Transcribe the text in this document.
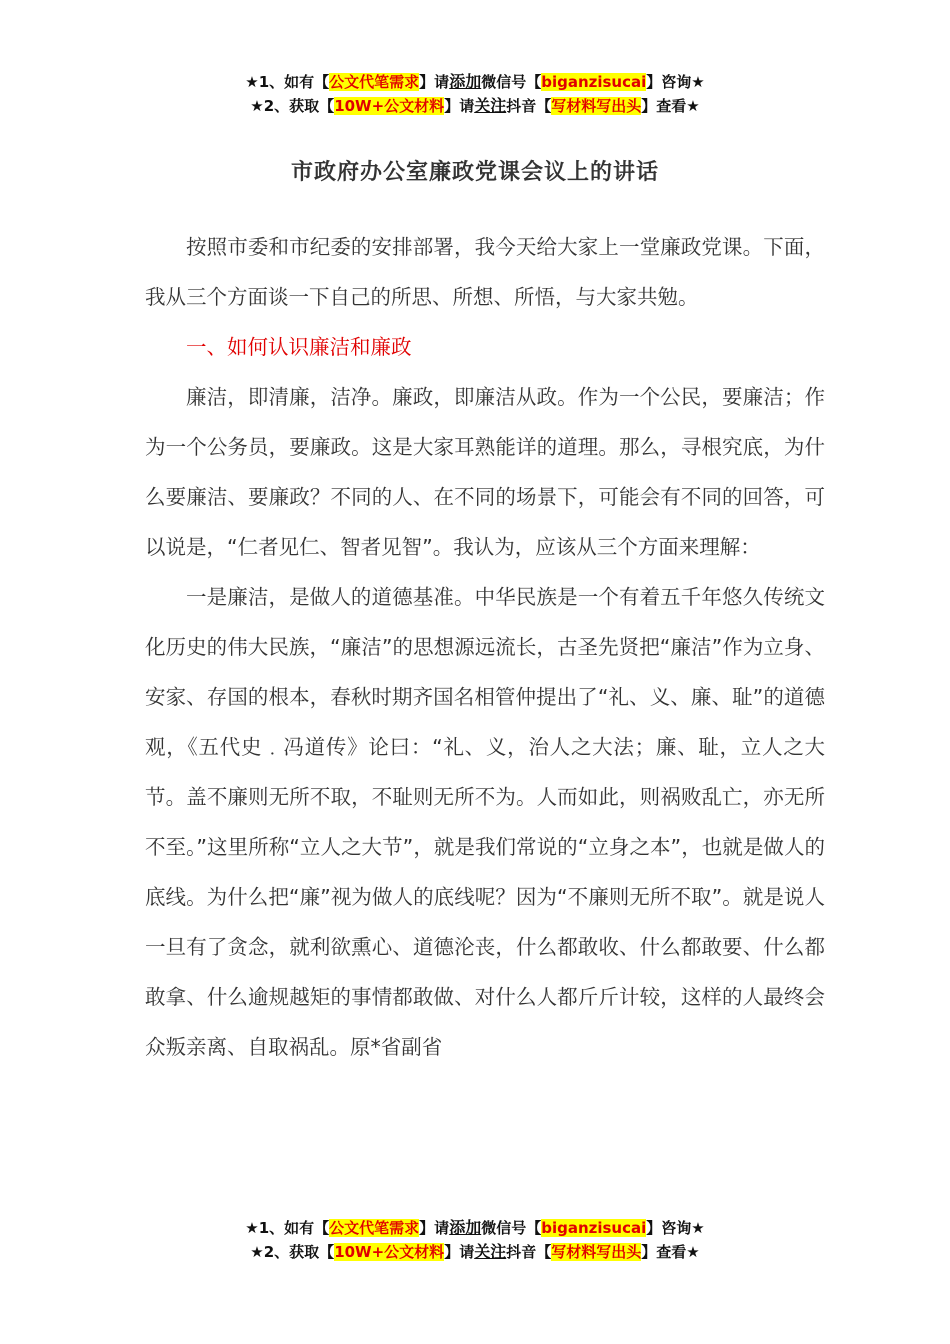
★1、如有【公文代笔需求】请添加微信号【biganzisucai】咨询★
★2、获取【10W+公文材料】请关注抖音【写材料写出头】查看★
市政府办公室廉政党课会议上的讲话

按照市委和市纪委的安排部署，我今天给大家上一堂廉政党课。下面，我从三个方面谈一下自己的所思、所想、所悟，与大家共勉。

一、如何认识廉洁和廉政

廉洁，即清廉，洁净。廉政，即廉洁从政。作为一个公民，要廉洁；作为一个公务员，要廉政。这是大家耳熟能详的道理。那么，寻根究底，为什么要廉洁、要廉政？不同的人、在不同的场景下，可能会有不同的回答，可以说是，“仁者见仁、智者见智”。我认为，应该从三个方面来理解：

一是廉洁，是做人的道德基准。中华民族是一个有着五千年悠久传统文化历史的伟大民族，“廉洁”的思想源远流长，古圣先贤把“廉洁”作为立身、安家、存国的根本，春秋时期齐国名相管仲提出了“礼、义、廉、耻”的道德观，《五代史﹒冯道传》论曰：“礼、义，治人之大法；廉、耻，立人之大节。盖不廉则无所不取，不耻则无所不为。人而如此，则祸败乱亡，亦无所不至。”这里所称“立人之大节”，就是我们常说的“立身之本”，也就是做人的底线。为什么把“廉”视为做人的底线呢？因为“不廉则无所不取”。就是说人一旦有了贪念，就利欲熏心、道德沦丧，什么都敢收、什么都敢要、什么都敢拿、什么逾规越矩的事情都敢做、对什么人都斤斤计较，这样的人最终会众叛亲离、自取祸乱。原*省副省

★1、如有【公文代笔需求】请添加微信号【biganzisucai】咨询★
★2、获取【10W+公文材料】请关注抖音【写材料写出头】查看★
